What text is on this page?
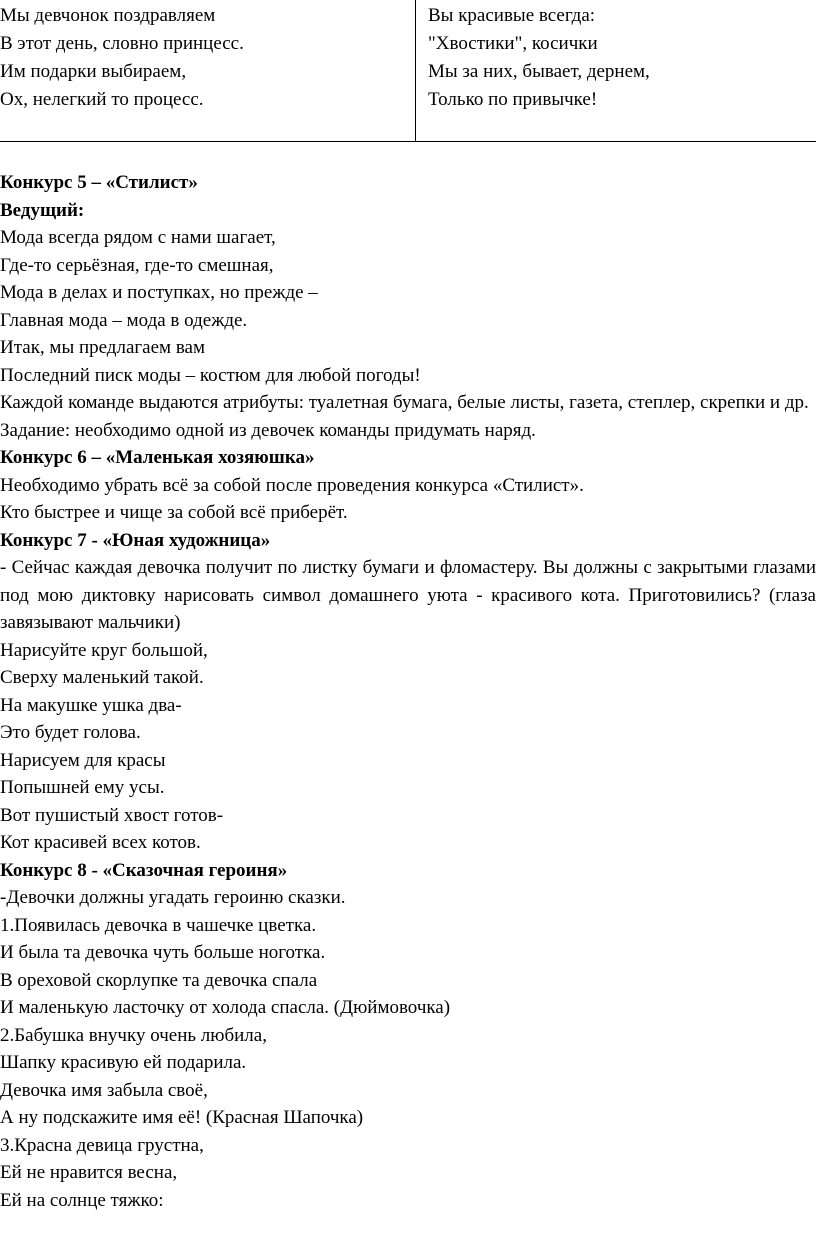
Мы девчонок поздравляем
В этот день, словно принцесс.
Им подарки выбираем,
Ох, нелегкий то процесс.
Вы красивые всегда:
"Хвостики", косички
Мы за них, бывает, дернем,
Только по привычке!
Конкурс 5 – «Стилист»
Ведущий:
Мода всегда рядом с нами шагает,
Где-то серьёзная, где-то смешная,
Мода в делах и поступках, но прежде –
Главная мода – мода в одежде.
Итак, мы предлагаем вам
Последний писк моды – костюм для любой погоды!
Каждой команде выдаются атрибуты: туалетная бумага, белые листы, газета, степлер, скрепки и др.
Задание: необходимо одной из девочек команды придумать наряд.
Конкурс 6 – «Маленькая хозяюшка»
Необходимо убрать всё за собой после проведения конкурса «Стилист».
Кто быстрее и чище за собой всё приберёт.
Конкурс 7 - «Юная художница»
- Сейчас каждая девочка получит по листку бумаги и фломастеру. Вы должны с закрытыми глазами под мою диктовку нарисовать символ домашнего уюта - красивого кота. Приготовились? (глаза завязывают мальчики)
Нарисуйте круг большой,
Сверху маленький такой.
На макушке ушка два-
Это будет голова.
Нарисуем для красы
Попышней ему усы.
Вот пушистый хвост готов-
Кот красивей всех котов.
Конкурс 8 - «Сказочная героиня»
-Девочки должны угадать героиню сказки.
1.Появилась девочка в чашечке цветка.
И была та девочка чуть больше ноготка.
В ореховой скорлупке та девочка спала
И маленькую ласточку от холода спасла. (Дюймовочка)
2.Бабушка внучку очень любила,
Шапку красивую ей подарила.
Девочка имя забыла своё,
А ну подскажите имя её! (Красная Шапочка)
3.Красна девица грустна,
Ей не нравится весна,
Ей на солнце тяжко:
